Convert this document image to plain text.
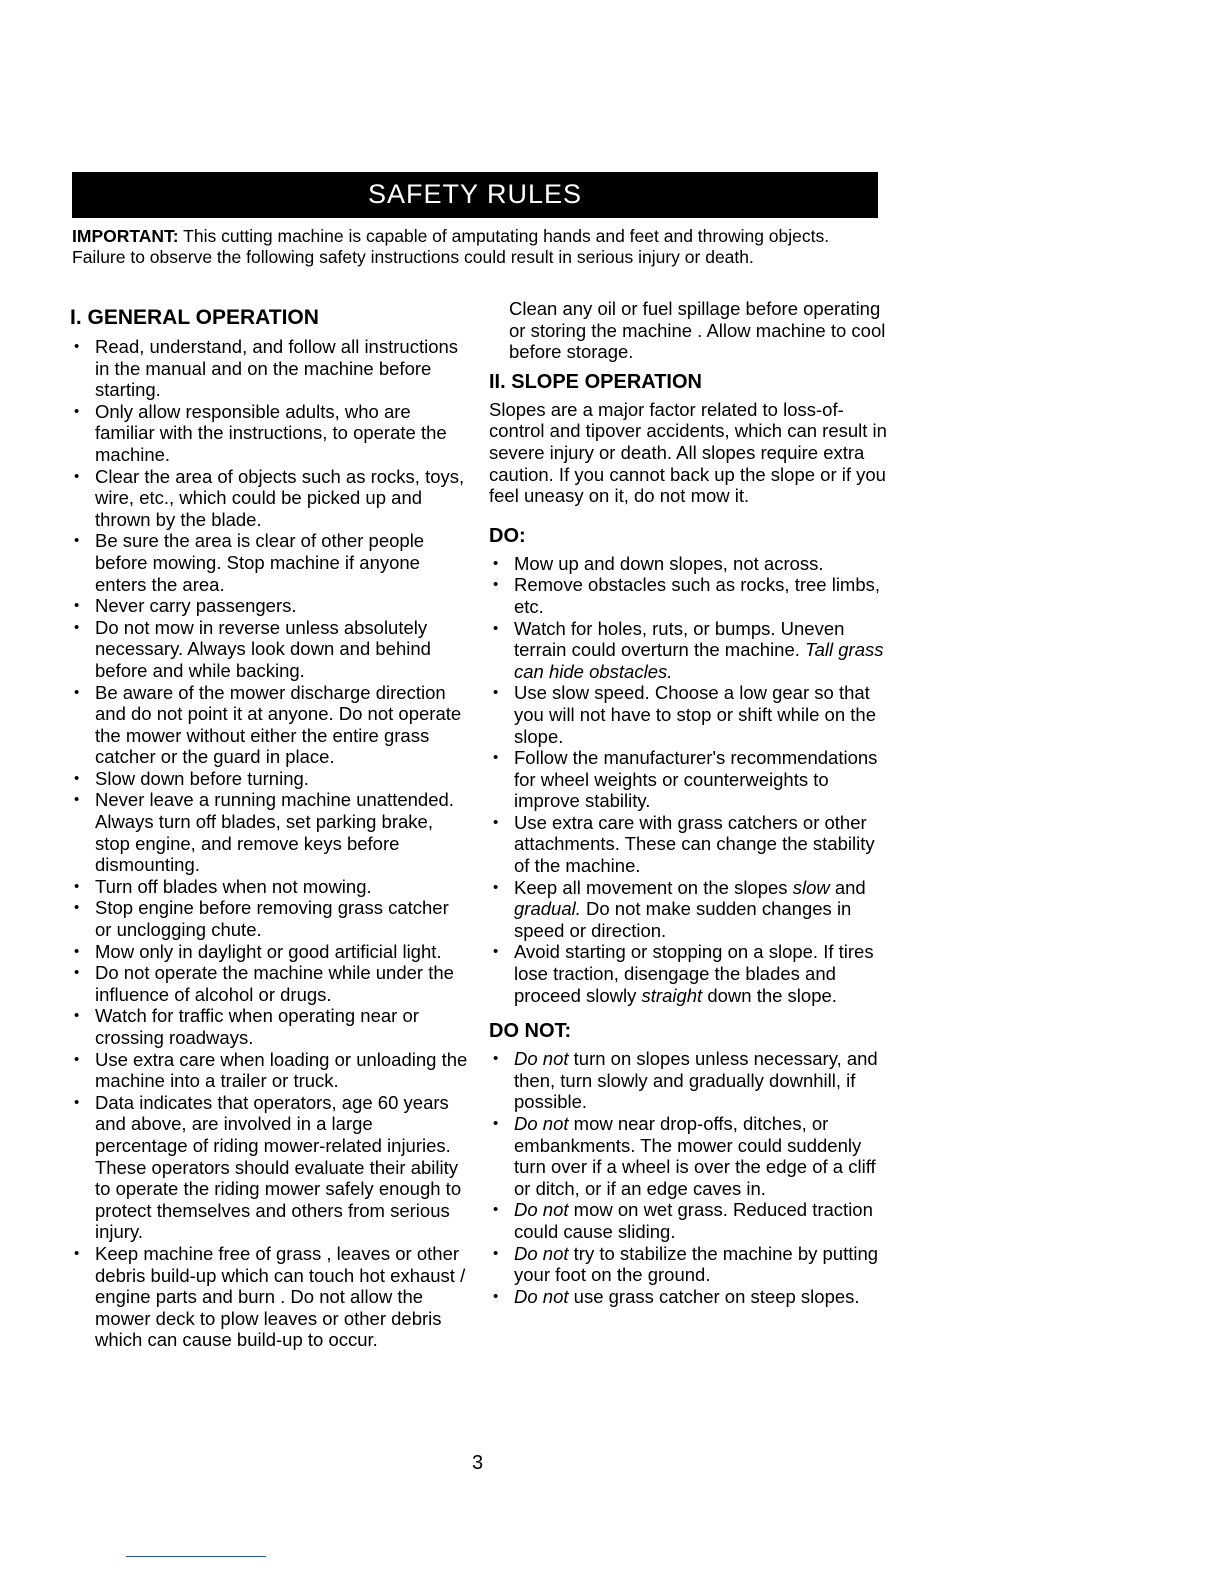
SAFETY RULES
IMPORTANT: This cutting machine is capable of amputating hands and feet and throwing objects. Failure to observe the following safety instructions could result in serious injury or death.
I. GENERAL OPERATION
• Read, understand, and follow all instructions in the manual and on the machine before starting.
• Only allow responsible adults, who are familiar with the instructions, to operate the machine.
• Clear the area of objects such as rocks, toys, wire, etc., which could be picked up and thrown by the blade.
• Be sure the area is clear of other people before mowing. Stop machine if anyone enters the area.
• Never carry passengers.
• Do not mow in reverse unless absolutely necessary. Always look down and behind before and while backing.
• Be aware of the mower discharge direction and do not point it at anyone. Do not operate the mower without either the entire grass catcher or the guard in place.
• Slow down before turning.
• Never leave a running machine unattended. Always turn off blades, set parking brake, stop engine, and remove keys before dismounting.
• Turn off blades when not mowing.
• Stop engine before removing grass catcher or unclogging chute.
• Mow only in daylight or good artificial light.
• Do not operate the machine while under the influence of alcohol or drugs.
• Watch for traffic when operating near or crossing roadways.
• Use extra care when loading or unloading the machine into a trailer or truck.
• Data indicates that operators, age 60 years and above, are involved in a large percentage of riding mower-related injuries. These operators should evaluate their ability to operate the riding mower safely enough to protect themselves and others from serious injury.
• Keep machine free of grass , leaves or other debris build-up which can touch hot exhaust / engine parts and burn . Do not allow the mower deck to plow leaves or other debris which can cause build-up to occur.

Clean any oil or fuel spillage before operating or storing the machine . Allow machine to cool before storage.

II. SLOPE OPERATION

Slopes are a major factor related to loss-of-control and tipover accidents, which can result in severe injury or death. All slopes require extra caution. If you cannot back up the slope or if you feel uneasy on it, do not mow it.

DO:
• Mow up and down slopes, not across.
• Remove obstacles such as rocks, tree limbs, etc.
• Watch for holes, ruts, or bumps. Uneven terrain could overturn the machine. Tall grass can hide obstacles.
• Use slow speed. Choose a low gear so that you will not have to stop or shift while on the slope.
• Follow the manufacturer's recommendations for wheel weights or counterweights to improve stability.
• Use extra care with grass catchers or other attachments. These can change the stability of the machine.
• Keep all movement on the slopes slow and gradual. Do not make sudden changes in speed or direction.
• Avoid starting or stopping on a slope. If tires lose traction, disengage the blades and proceed slowly straight down the slope.
DO NOT:
• Do not turn on slopes unless necessary, and then, turn slowly and gradually downhill, if possible.
• Do not mow near drop-offs, ditches, or embankments. The mower could suddenly turn over if a wheel is over the edge of a cliff or ditch, or if an edge caves in.
• Do not mow on wet grass. Reduced traction could cause sliding.
• Do not try to stabilize the machine by putting your foot on the ground.
• Do not use grass catcher on steep slopes.
3
